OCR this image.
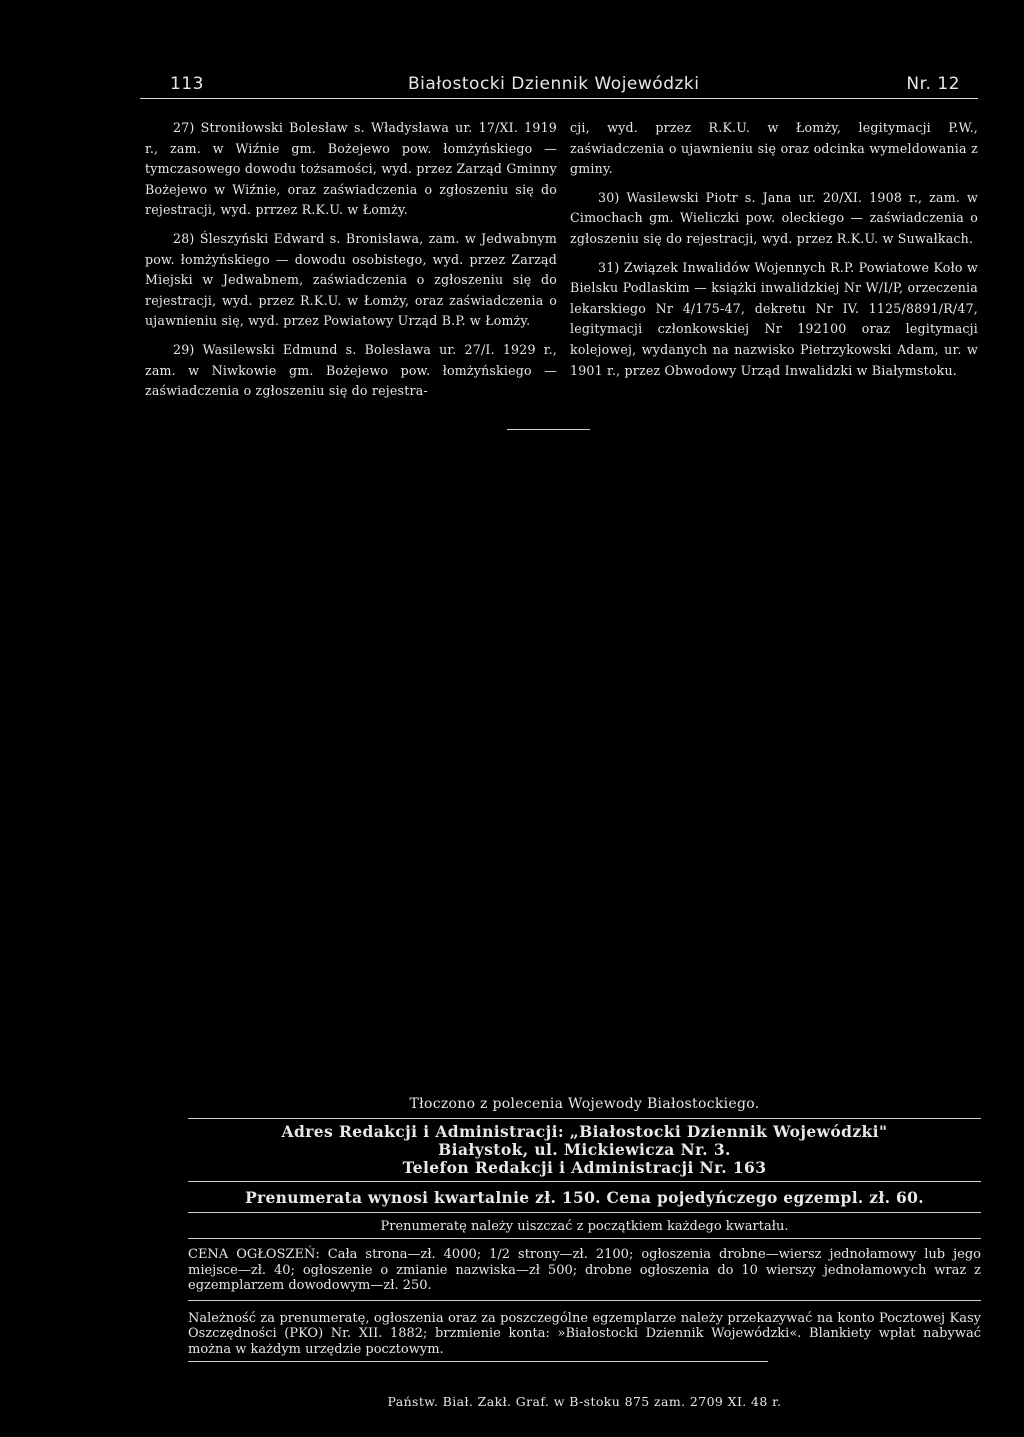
113	Białostocki Dziennik Wojewódzki	Nr. 12

27) Stroniłowski Bolesław s. Władysława ur. 17/XI. 1919 r., zam. w Wiźnie gm. Bożejewo pow. łomżyńskiego — tymczasowego dowodu tożsamości, wyd. przez Zarząd Gminny Bożejewo w Wiźnie, oraz zaświadczenia o zgłoszeniu się do rejestracji, wyd. prrzez R.K.U. w Łomży.

28) Śleszyński Edward s. Bronisława, zam. w Jedwabnym pow. łomżyńskiego — dowodu osobistego, wyd. przez Zarząd Miejski w Jedwabnem, zaświadczenia o zgłoszeniu się do rejestracji, wyd. przez R.K.U. w Łomży, oraz zaświadczenia o ujawnieniu się, wyd. przez Powiatowy Urząd B.P. w Łomży.

29) Wasilewski Edmund s. Bolesława ur. 27/I. 1929 r., zam. w Niwkowie gm. Bożejewo pow. łomżyńskiego — zaświadczenia o zgłoszeniu się do rejestra-

cji, wyd. przez R.K.U. w Łomży, legitymacji P.W., zaświadczenia o ujawnieniu się oraz odcinka wymeldowania z gminy.

30) Wasilewski Piotr s. Jana ur. 20/XI. 1908 r., zam. w Cimochach gm. Wieliczki pow. oleckiego — zaświadczenia o zgłoszeniu się do rejestracji, wyd. przez R.K.U. w Suwałkach.

31) Związek Inwalidów Wojennych R.P. Powiatowe Koło w Bielsku Podlaskim — książki inwalidzkiej Nr W/I/P, orzeczenia lekarskiego Nr 4/175-47, dekretu Nr IV. 1125/8891/R/47, legitymacji członkowskiej Nr 192100 oraz legitymacji kolejowej, wydanych na nazwisko Pietrzykowski Adam, ur. w 1901 r., przez Obwodowy Urząd Inwalidzki w Białymstoku.

Tłoczono z polecenia Wojewody Białostockiego.
Adres Redakcji i Administracji: „Białostocki Dziennik Wojewódzki"
Białystok, ul. Mickiewicza Nr. 3.
Telefon Redakcji i Administracji Nr. 163
Prenumerata wynosi kwartalnie zł. 150. Cena pojedyńczego egzempl. zł. 60.
Prenumeratę należy uiszczać z początkiem każdego kwartału.
CENA OGŁOSZEŃ: Cała strona—zł. 4000; 1/2 strony—zł. 2100; ogłoszenia drobne—wiersz jednołamowy lub jego miejsce—zł. 40; ogłoszenie o zmianie nazwiska—zł 500; drobne ogłoszenia do 10 wierszy jednołamowych wraz z egzemplarzem dowodowym—zł. 250.
Należność za prenumeratę, ogłoszenia oraz za poszczególne egzemplarze należy przekazywać na konto Pocztowej Kasy Oszczędności (PKO) Nr. XII. 1882; brzmienie konta: »Białostocki Dziennik Wojewódzki«. Blankiety wpłat nabywać można w każdym urzędzie pocztowym.
Państw. Biał. Zakł. Graf. w B-stoku 875 zam. 2709 XI. 48 r.
